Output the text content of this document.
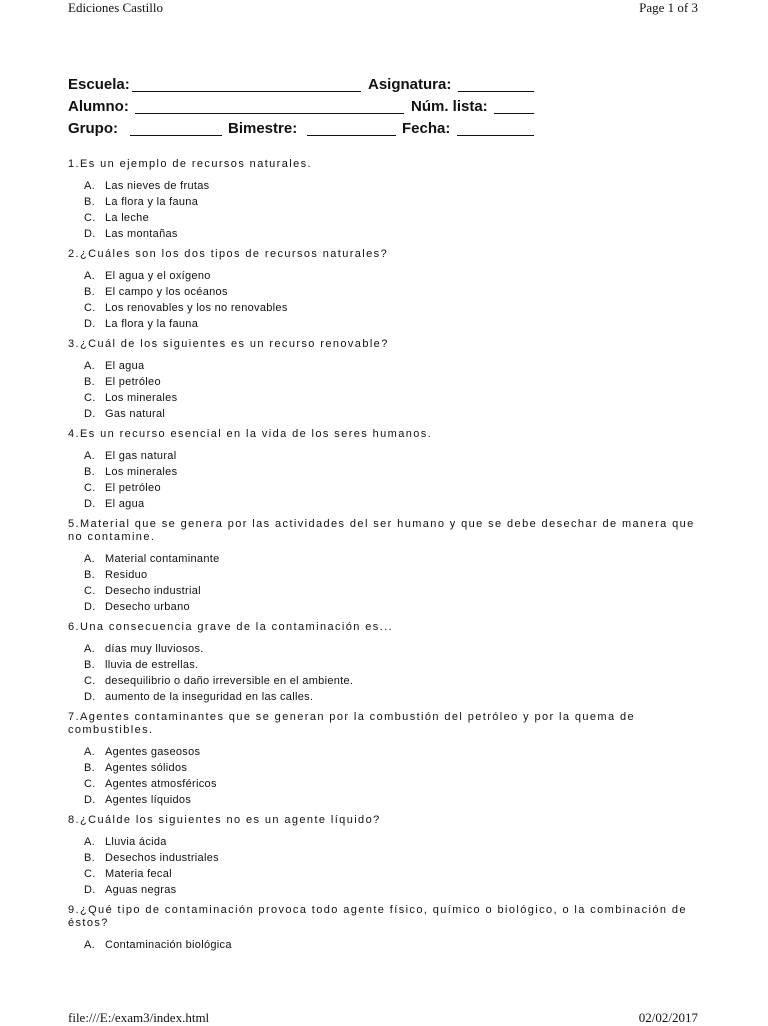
Ediciones Castillo	Page 1 of 3
Escuela:	Asignatura:
Alumno:	Núm. lista:
Grupo:	Bimestre:	Fecha:

1.Es un ejemplo de recursos naturales.

A. Las nieves de frutas
B. La flora y la fauna
C. La leche
D. Las montañas

2.¿Cuáles son los dos tipos de recursos naturales?

A. El agua y el oxígeno
B. El campo y los océanos
C. Los renovables y los no renovables
D. La flora y la fauna

3.¿Cuál de los siguientes es un recurso renovable?

A. El agua
B. El petróleo
C. Los minerales
D. Gas natural

4.Es un recurso esencial en la vida de los seres humanos.

A. El gas natural
B. Los minerales
C. El petróleo
D. El agua

5.Material que se genera por las actividades del ser humano y que se debe desechar de manera que no contamine.

A. Material contaminante
B. Residuo
C. Desecho industrial
D. Desecho urbano

6.Una consecuencia grave de la contaminación es...

A. días muy lluviosos.
B. lluvia de estrellas.
C. desequilibrio o daño irreversible en el ambiente.
D. aumento de la inseguridad en las calles.

7.Agentes contaminantes que se generan por la combustión del petróleo y por la quema de combustibles.

A. Agentes gaseosos
B. Agentes sólidos
C. Agentes atmosféricos
D. Agentes líquidos

8.¿Cuálde los siguientes no es un agente líquido?

A. Lluvia ácida
B. Desechos industriales
C. Materia fecal
D. Aguas negras

9.¿Qué tipo de contaminación provoca todo agente físico, químico o biológico, o la combinación de éstos?

A. Contaminación biológica
file:///E:/exam3/index.html	02/02/2017
